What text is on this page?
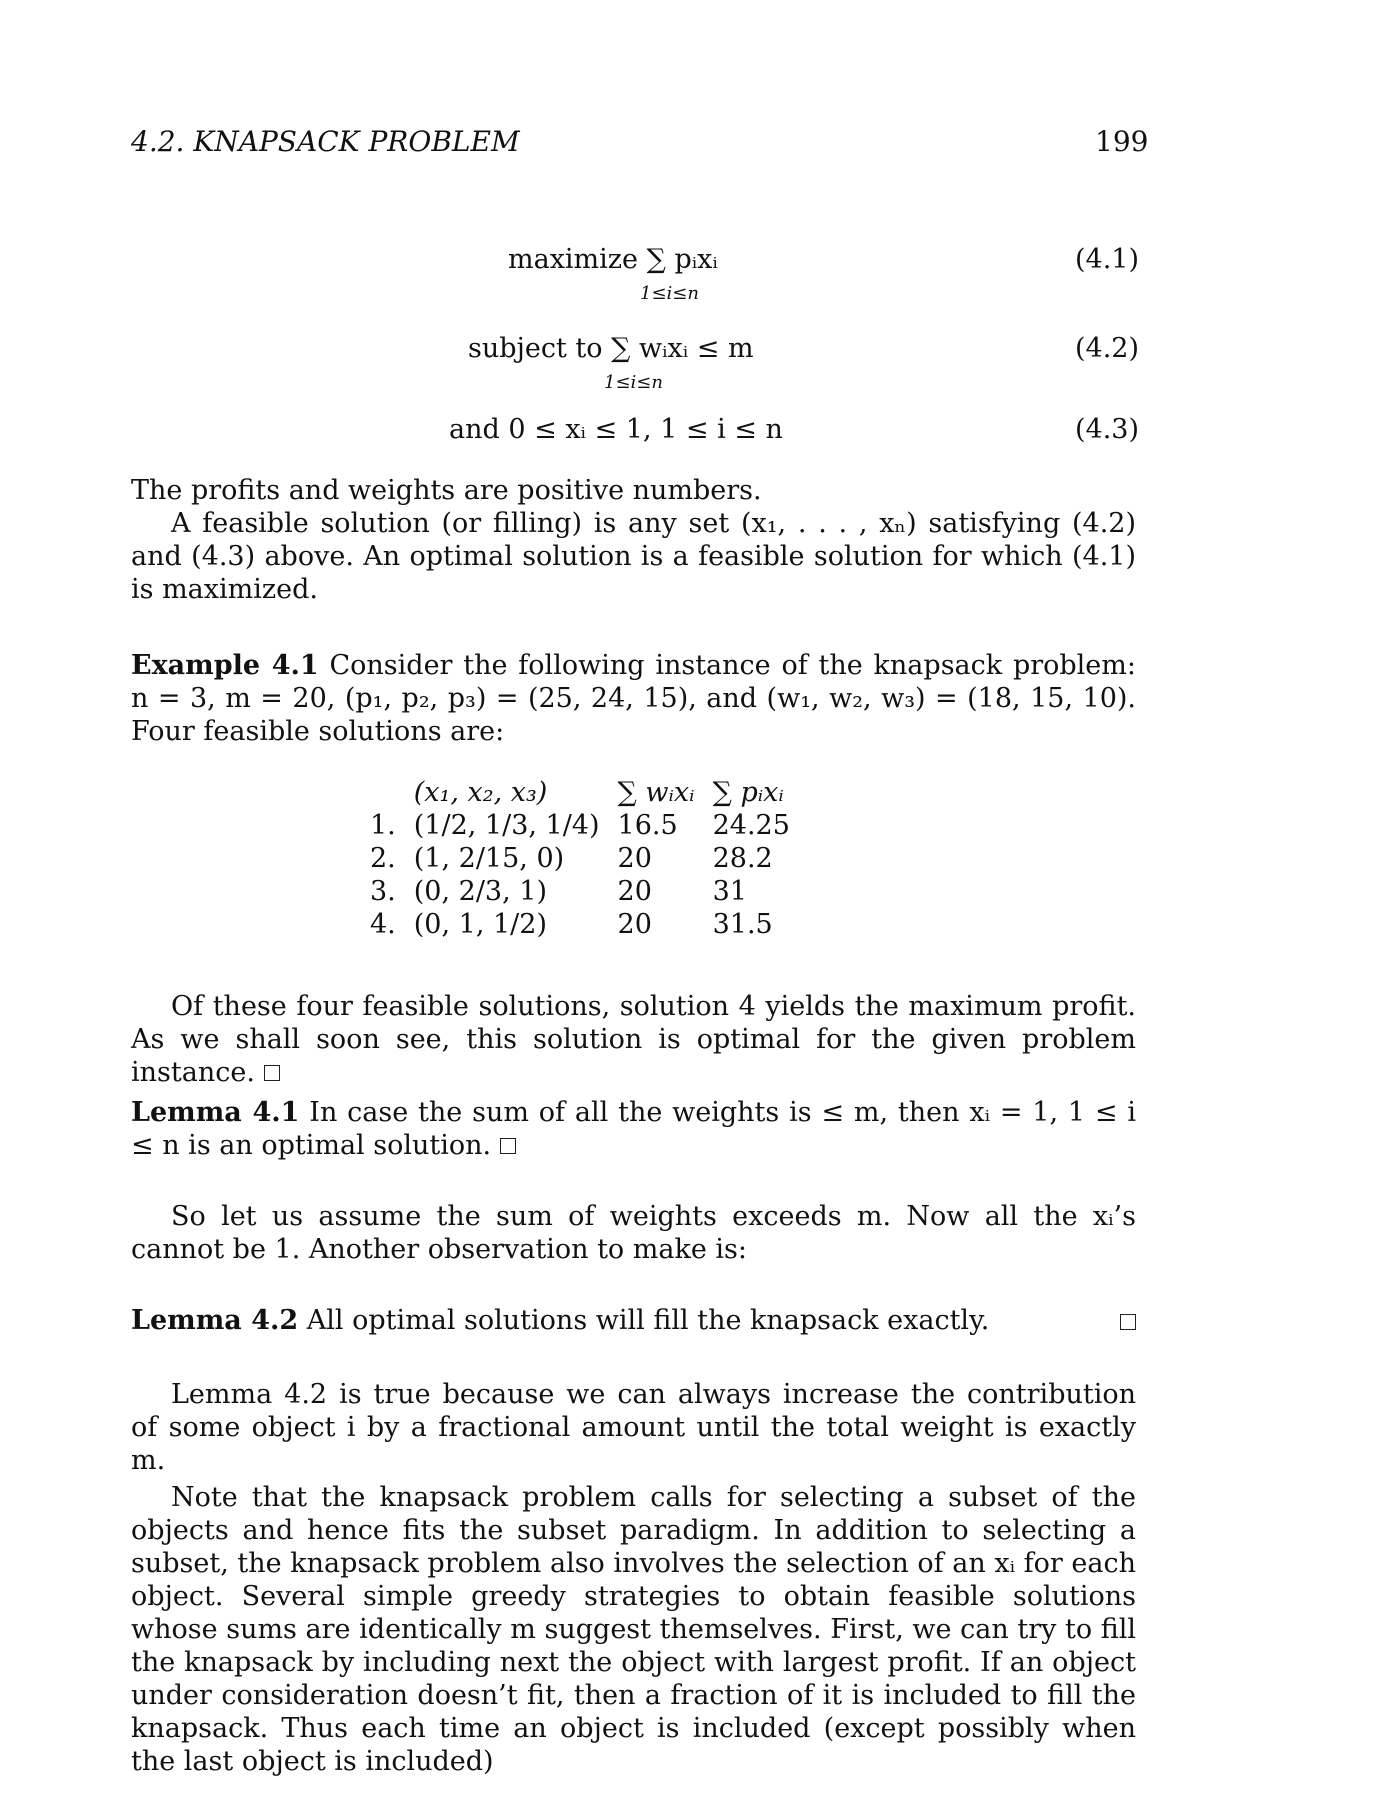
4.2. KNAPSACK PROBLEM	199
maximize ∑ pᵢxᵢ
1≤i≤n
(4.1)
subject to ∑ wᵢxᵢ ≤ m
1≤i≤n
(4.2)
and 0 ≤ xᵢ ≤ 1, 1 ≤ i ≤ n	(4.3)

The profits and weights are positive numbers.

A feasible solution (or filling) is any set (x₁, . . . , xₙ) satisfying (4.2) and (4.3) above. An optimal solution is a feasible solution for which (4.1) is maximized.

Example 4.1 Consider the following instance of the knapsack problem: n = 3, m = 20, (p₁, p₂, p₃) = (25, 24, 15), and (w₁, w₂, w₃) = (18, 15, 10). Four feasible solutions are:

	(x₁, x₂, x₃)	∑ wᵢxᵢ	∑ pᵢxᵢ
1.	(1/2, 1/3, 1/4)	16.5	24.25
2.	(1, 2/15, 0)	20	28.2
3.	(0, 2/3, 1)	20	31
4.	(0, 1, 1/2)	20	31.5

Of these four feasible solutions, solution 4 yields the maximum profit. As we shall soon see, this solution is optimal for the given problem instance.

Lemma 4.1 In case the sum of all the weights is ≤ m, then xᵢ = 1, 1 ≤ i ≤ n is an optimal solution.

So let us assume the sum of weights exceeds m. Now all the xᵢ’s cannot be 1. Another observation to make is:

Lemma 4.2 All optimal solutions will fill the knapsack exactly.

Lemma 4.2 is true because we can always increase the contribution of some object i by a fractional amount until the total weight is exactly m.

Note that the knapsack problem calls for selecting a subset of the objects and hence fits the subset paradigm. In addition to selecting a subset, the knapsack problem also involves the selection of an xᵢ for each object. Several simple greedy strategies to obtain feasible solutions whose sums are identically m suggest themselves. First, we can try to fill the knapsack by including next the object with largest profit. If an object under consideration doesn’t fit, then a fraction of it is included to fill the knapsack. Thus each time an object is included (except possibly when the last object is included)
